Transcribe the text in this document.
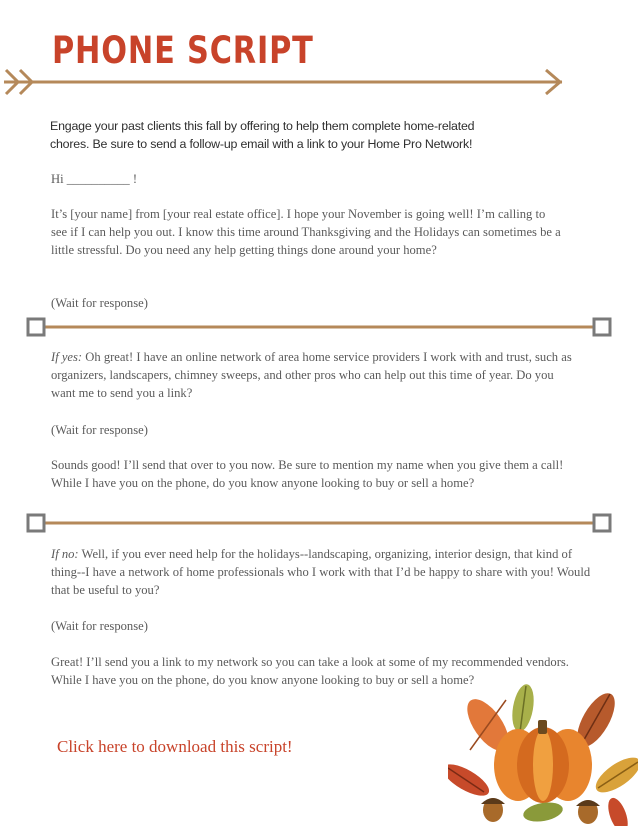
PHONE SCRIPT
Engage your past clients this fall by offering to help them complete home-related
chores. Be sure to send a follow-up email with a link to your Home Pro Network!

Hi __________ !

It’s [your name] from [your real estate office]. I hope your November is going well! I’m calling to see if I can help you out. I know this time around Thanksgiving and the Holidays can sometimes be a little stressful. Do you need any help getting things done around your home?

(Wait for response)

If yes: Oh great! I have an online network of area home service providers I work with and trust, such as organizers, landscapers, chimney sweeps, and other pros who can help out this time of year. Do you want me to send you a link?

(Wait for response)

Sounds good! I’ll send that over to you now. Be sure to mention my name when you give them a call! While I have you on the phone, do you know anyone looking to buy or sell a home?

If no: Well, if you ever need help for the holidays--landscaping, organizing, interior design, that kind of thing--I have a network of home professionals who I work with that I’d be happy to share with you! Would that be useful to you?

(Wait for response)

Great! I’ll send you a link to my network so you can take a look at some of my recommended vendors. While I have you on the phone, do you know anyone looking to buy or sell a home?

Click here to download this script!
